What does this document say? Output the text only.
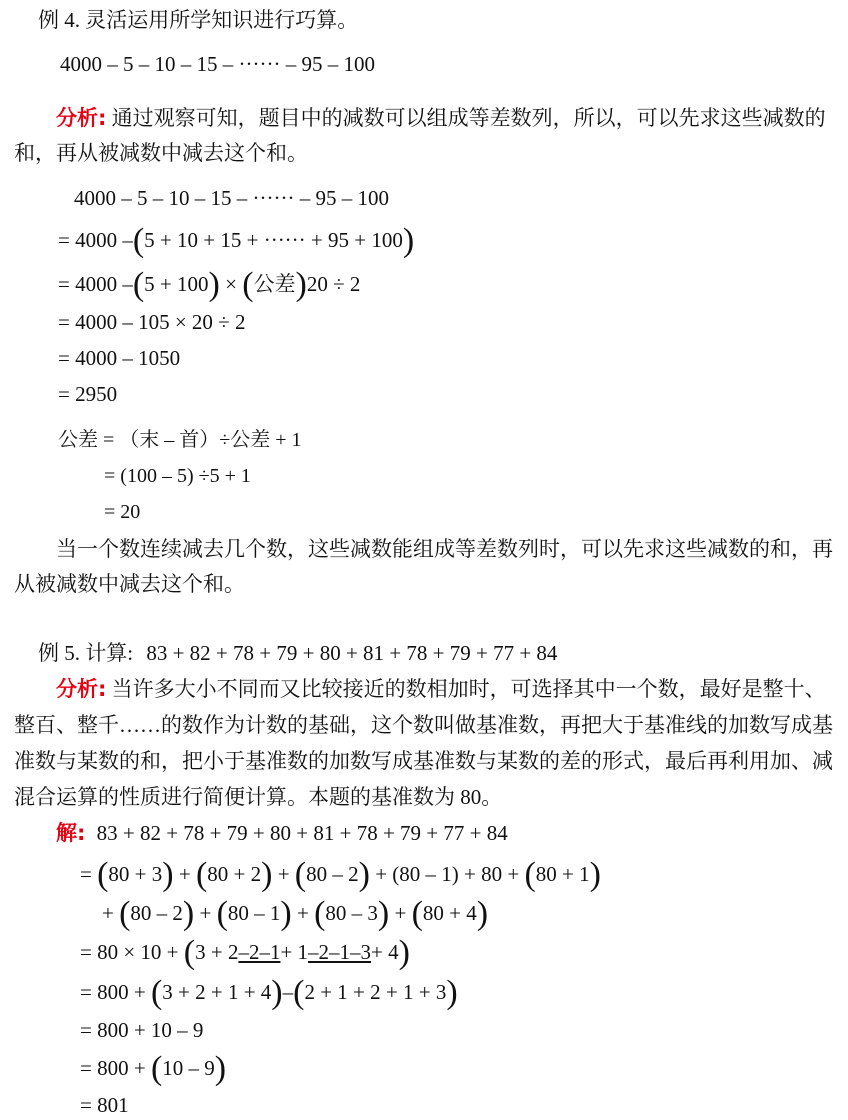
例 4. 灵活运用所学知识进行巧算。
4000 – 5 – 10 – 15 – ······ – 95 – 100
分析: 通过观察可知，题目中的减数可以组成等差数列，所以，可以先求这些减数的
和，再从被减数中减去这个和。
4000 – 5 – 10 – 15 – ······ – 95 – 100
= 4000 –(5 + 10 + 15 + ······ + 95 + 100)
= 4000 –(5 + 100) × (公差)20 ÷ 2
= 4000 – 105 × 20 ÷ 2
= 4000 – 1050
= 2950
公差 = （末 – 首）÷公差 + 1
= (100 – 5) ÷5 + 1
= 20
当一个数连续减去几个数，这些减数能组成等差数列时，可以先求这些减数的和，再
从被减数中减去这个和。
例 5. 计算: 83 + 82 + 78 + 79 + 80 + 81 + 78 + 79 + 77 + 84
分析: 当许多大小不同而又比较接近的数相加时，可选择其中一个数，最好是整十、
整百、整千……的数作为计数的基础，这个数叫做基准数，再把大于基准线的加数写成基
准数与某数的和，把小于基准数的加数写成基准数与某数的差的形式，最后再利用加、减
混合运算的性质进行简便计算。本题的基准数为 80。
解: 83 + 82 + 78 + 79 + 80 + 81 + 78 + 79 + 77 + 84
= (80 + 3) + (80 + 2) + (80 – 2) + (80 – 1) + 80 + (80 + 1)
+ (80 – 2) + (80 – 1) + (80 – 3) + (80 + 4)
= 80 × 10 + (3 + 2–2–1+ 1–2–1–3+ 4)
= 800 + (3 + 2 + 1 + 4)–(2 + 1 + 2 + 1 + 3)
= 800 + 10 – 9
= 800 + (10 – 9)
= 801
